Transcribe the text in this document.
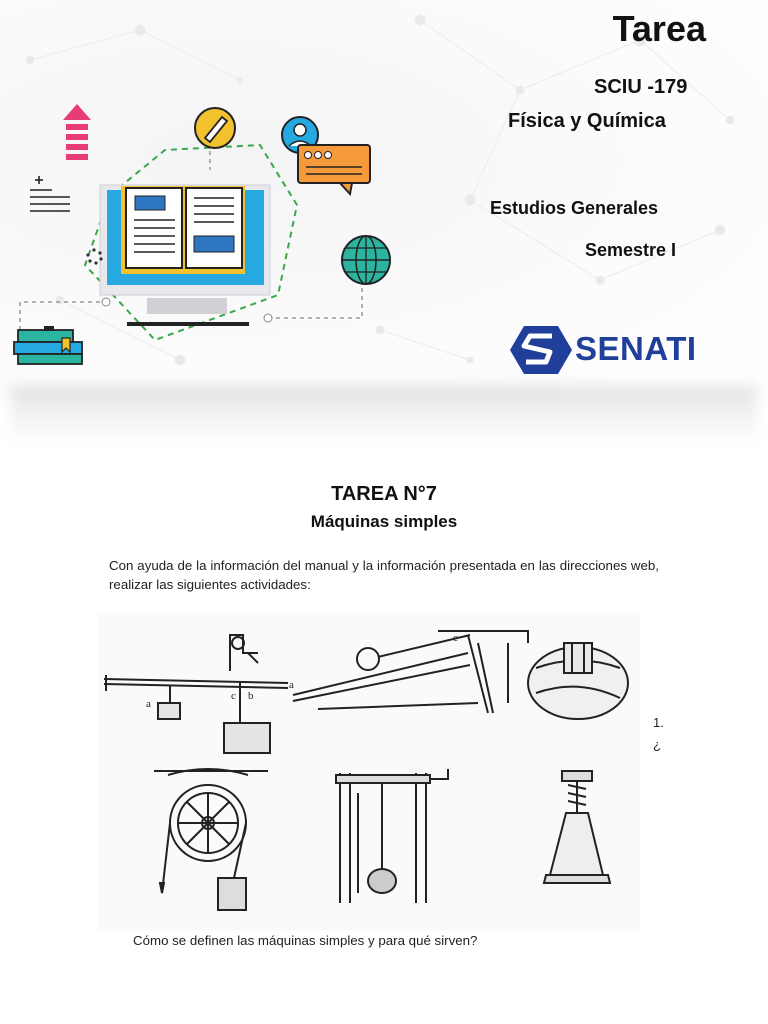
Tarea
SCIU -179
Física y Química
Estudios Generales
Semestre I
SENATI
TAREA N°7
Máquinas simples
Con ayuda de la información del manual y la información presentada en las direcciones web, realizar las siguientes actividades:
a
b
c
a
c
1.
¿
Cómo se definen las máquinas simples y para qué sirven?
